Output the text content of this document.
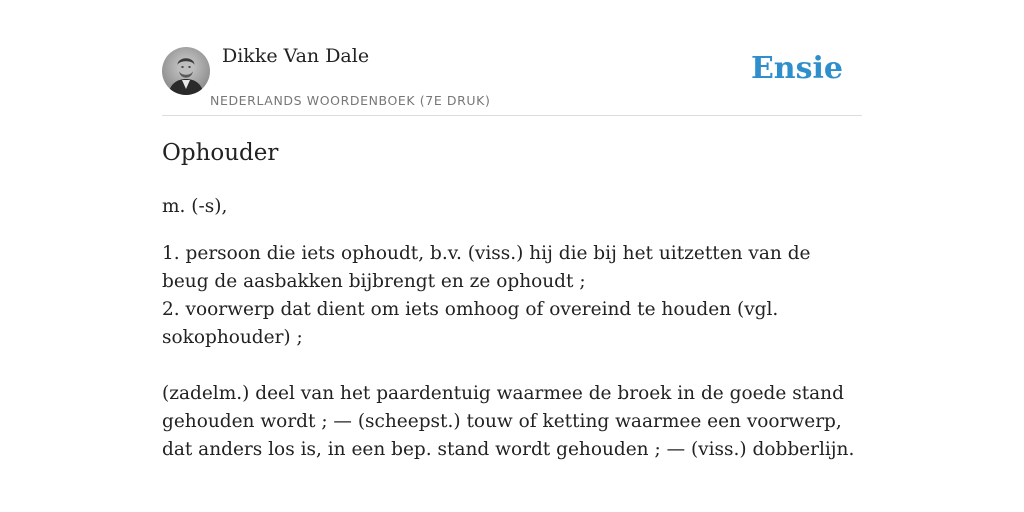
Dikke Van Dale
NEDERLANDS WOORDENBOEK (7E DRUK)
Ensie
Ophouder

m. (-s),

1. persoon die iets ophoudt, b.v. (viss.) hij die bij het uitzetten van de beug de aasbakken bijbrengt en ze ophoudt ;
2. voorwerp dat dient om iets omhoog of overeind te houden (vgl. sokophouder) ;

(zadelm.) deel van het paardentuig waarmee de broek in de goede stand gehouden wordt ; — (scheepst.) touw of ketting waarmee een voorwerp, dat anders los is, in een bep. stand wordt gehouden ; — (viss.) dobberlijn.
